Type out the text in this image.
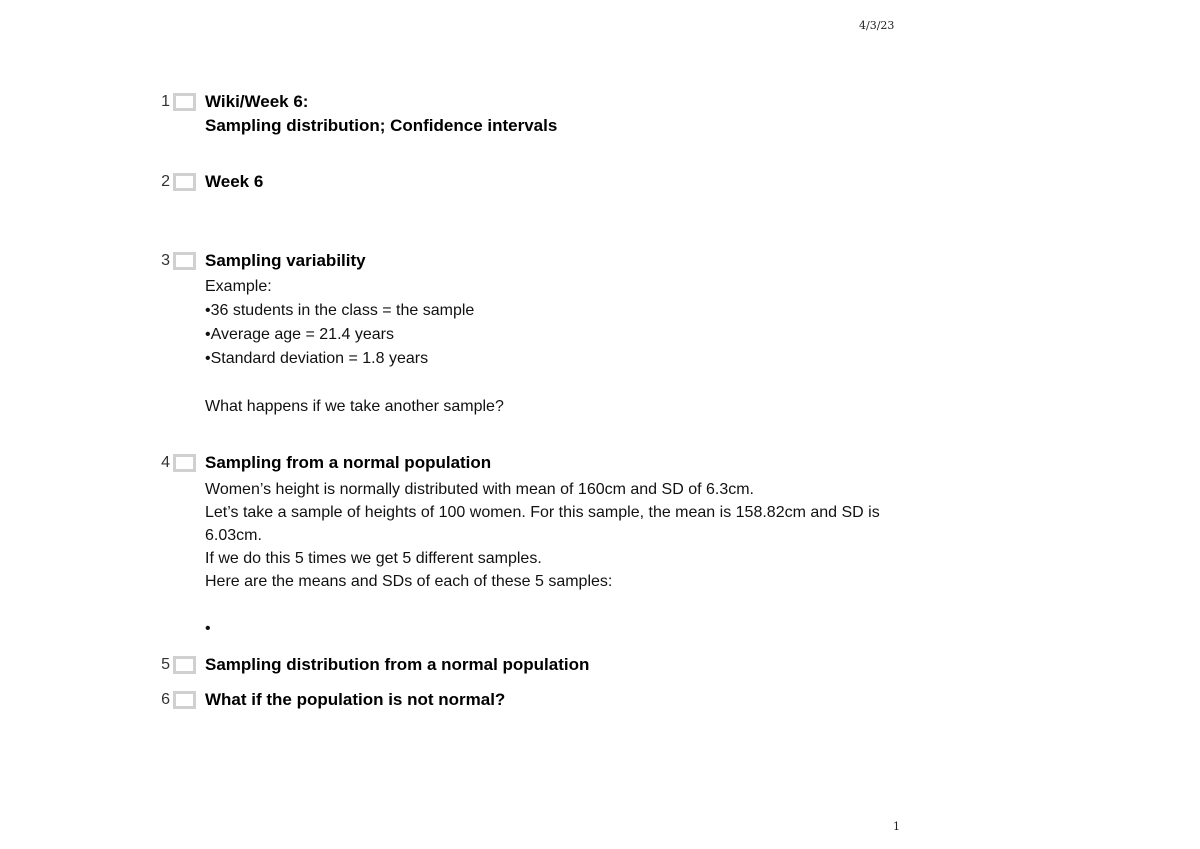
4/3/23
1 Wiki/Week 6:
Sampling distribution; Confidence intervals
2 Week 6
3 Sampling variability
Example:
•36 students in the class = the sample
•Average age = 21.4 years
•Standard deviation = 1.8 years
What happens if we take another sample?
4 Sampling from a normal population
Women’s height is normally distributed with mean of 160cm and SD of 6.3cm.
Let’s take a sample of heights of 100 women. For this sample, the mean is 158.82cm and SD is
6.03cm.
If we do this 5 times we get 5 different samples.
Here are the means and SDs of each of these 5 samples:
•
5 Sampling distribution from a normal population
6 What if the population is not normal?
1
